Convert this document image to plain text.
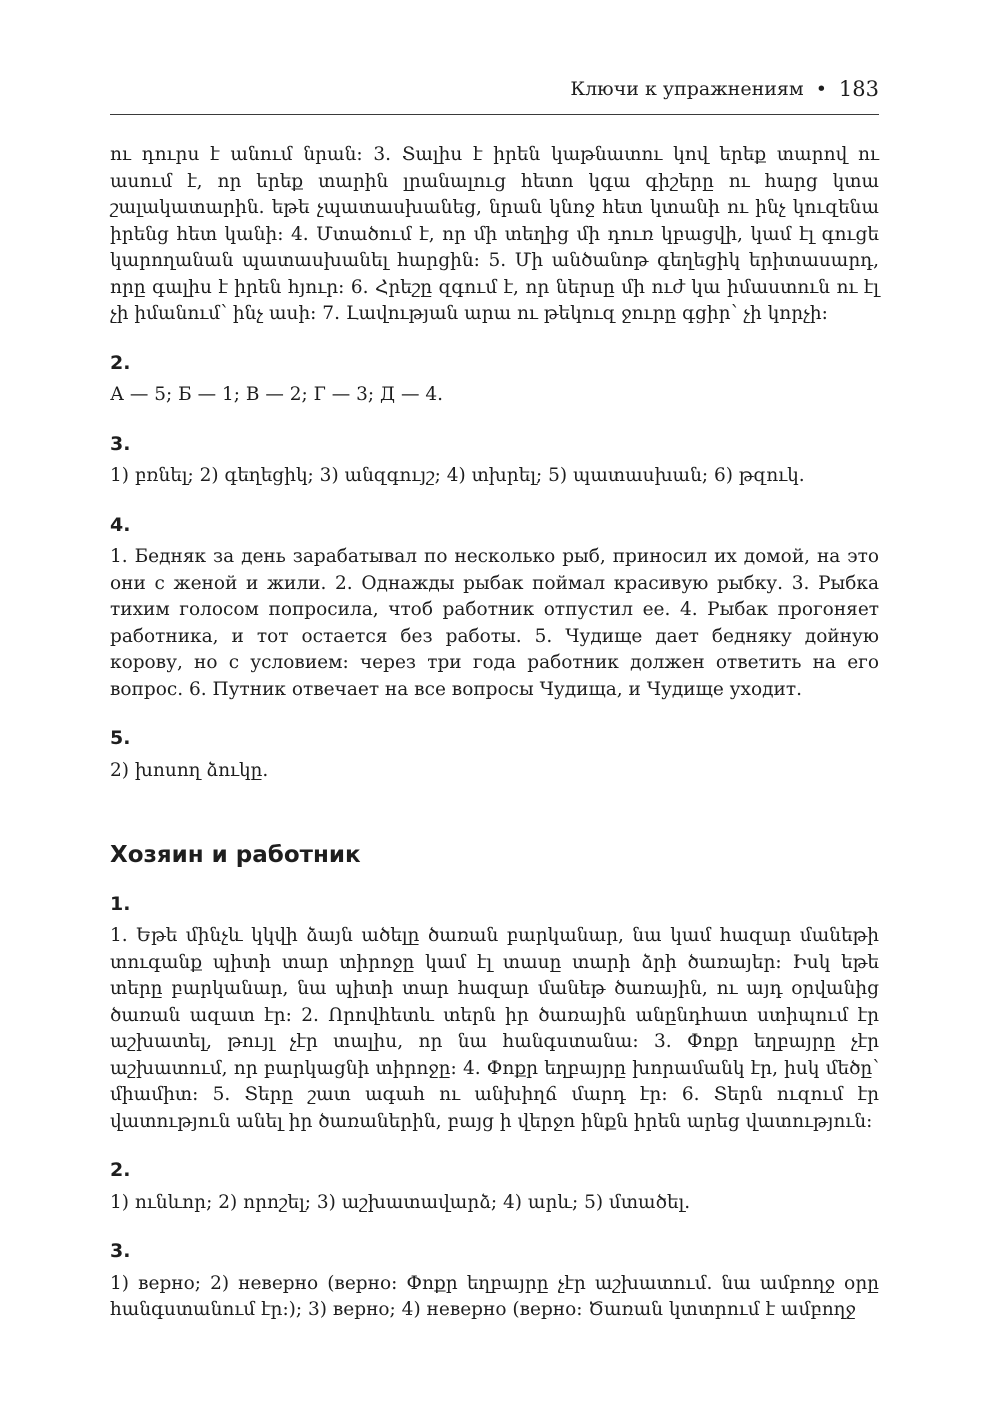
Ключи к упражнениям • 183

ու դուրս է անում նրան: 3. Տալիս է իրեն կաթնատու կով երեք տարով ու ասում է, որ երեք տարին լրանալուց հետո կգա գիշերը ու հարց կտա շալակատարին. եթե չպատասխանեց, նրան կնոջ հետ կտանի ու ինչ կուզենա իրենց հետ կանի: 4. Մտածում է, որ մի տեղից մի դուռ կբացվի, կամ էլ գուցե կարողանան պատասխանել հարցին: 5. Մի անծանոթ գեղեցիկ երիտասարդ, որը գալիս է իրեն հյուր: 6. Հրեշը զգում է, որ ներսը մի ուժ կա իմաստուն ու էլ չի իմանում՝ ինչ ասի: 7. Լավության արա ու թեկուզ ջուրը գցիր՝ չի կորչի:

2.

А — 5; Б — 1; В — 2; Г — 3; Д — 4.

3.

1) բռնել; 2) գեղեցիկ; 3) անզգույշ; 4) տխրել; 5) պատասխան; 6) թզուկ.

4.

1. Бедняк за день зарабатывал по несколько рыб, приносил их домой, на это они с женой и жили. 2. Однажды рыбак поймал красивую рыбку. 3. Рыбка тихим голосом попросила, чтоб работник отпустил ее. 4. Рыбак прогоняет работника, и тот остается без работы. 5. Чудище дает бедняку дойную корову, но с условием: через три года работник должен ответить на его вопрос. 6. Путник отвечает на все вопросы Чудища, и Чудище уходит.

5.

2) խոսող ձուկը.

Хозяин и работник
1.

1. Եթե մինչև կկվի ձայն ածելը ծառան բարկանար, նա կամ հազար մանեթի տուգանք պիտի տար տիրոջը կամ էլ տասը տարի ձրի ծառայեր: Իսկ եթե տերը բարկանար, նա պիտի տար հազար մանեթ ծառային, ու այդ օրվանից ծառան ազատ էր: 2. Որովհետև տերն իր ծառային անընդհատ ստիպում էր աշխատել, թույլ չէր տալիս, որ նա հանգստանա: 3. Փոքր եղբայրը չէր աշխատում, որ բարկացնի տիրոջը: 4. Փոքր եղբայրը խորամանկ էր, իսկ մեծը՝ միամիտ: 5. Տերը շատ ագահ ու անխիղճ մարդ էր: 6. Տերն ուզում էր վատություն անել իր ծառաներին, բայց ի վերջո ինքն իրեն արեց վատություն:

2.

1) ունևոր; 2) որոշել; 3) աշխատավարձ; 4) արև; 5) մտածել.

3.

1) верно; 2) неверно (верно: Փոքր եղբայրը չէր աշխատում. նա ամբողջ օրը հանգստանում էր:); 3) верно; 4) неверно (верно: Ծառան կտտրում է ամբողջ
